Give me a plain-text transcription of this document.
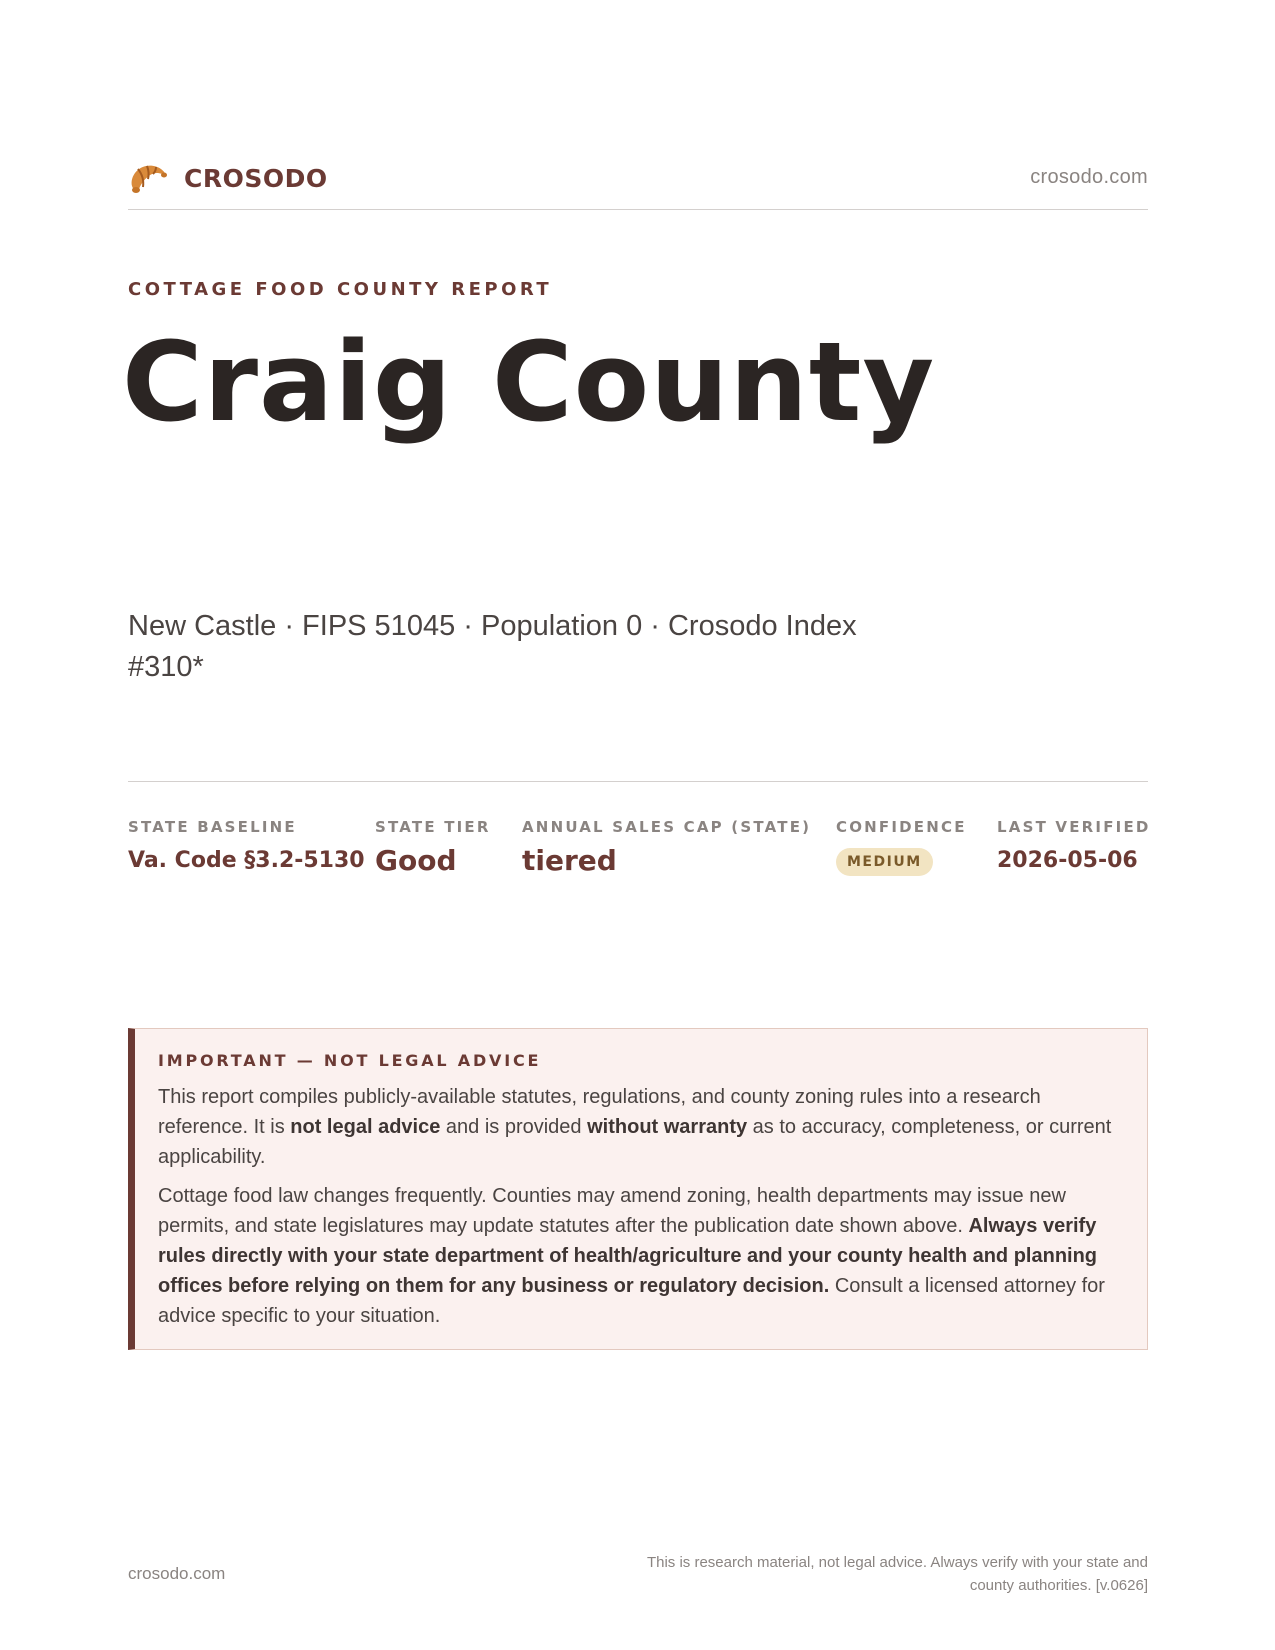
CROSODO	crosodo.com
COTTAGE FOOD COUNTY REPORT
Craig County
New Castle · FIPS 51045 · Population 0 · Crosodo Index #310*
STATE BASELINE
Va. Code §3.2-5130
STATE TIER
Good
ANNUAL SALES CAP (STATE)
tiered
CONFIDENCE
MEDIUM
LAST VERIFIED
2026-05-06
IMPORTANT — NOT LEGAL ADVICE

This report compiles publicly-available statutes, regulations, and county zoning rules into a research reference. It is not legal advice and is provided without warranty as to accuracy, completeness, or current applicability.

Cottage food law changes frequently. Counties may amend zoning, health departments may issue new permits, and state legislatures may update statutes after the publication date shown above. Always verify rules directly with your state department of health/agriculture and your county health and planning offices before relying on them for any business or regulatory decision. Consult a licensed attorney for advice specific to your situation.

crosodo.com
This is research material, not legal advice. Always verify with your state and county authorities. [v.0626]
